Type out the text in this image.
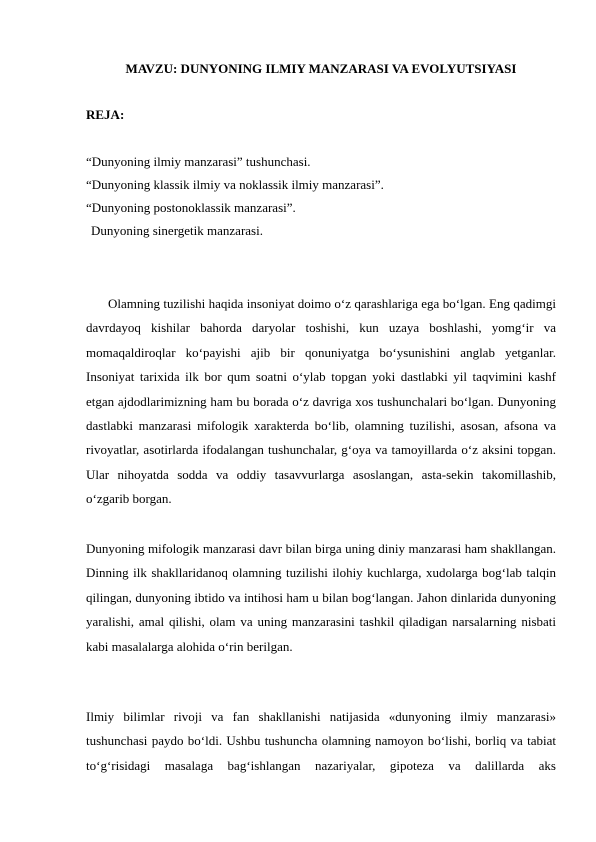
MAVZU: DUNYONING ILMIY MANZARASI VA EVOLYUTSIYASI
REJA:
“Dunyoning ilmiy manzarasi” tushunchasi.
“Dunyoning klassik ilmiy va noklassik ilmiy manzarasi”.
“Dunyoning postonoklassik manzarasi”.
Dunyoning sinergetik manzarasi.

Olamning tuzilishi haqida insoniyat doimo o‘z qarashlariga ega bo‘lgan. Eng qadimgi davrdayoq kishilar bahorda daryolar toshishi, kun uzaya boshlashi, yomg‘ir va momaqaldiroqlar ko‘payishi ajib bir qonuniyatga bo‘ysunishini anglab yetganlar. Insoniyat tarixida ilk bor qum soatni o‘ylab topgan yoki dastlabki yil taqvimini kashf etgan ajdodlarimizning ham bu borada o‘z davriga xos tushunchalari bo‘lgan. Dunyoning dastlabki manzarasi mifologik xarakterda bo‘lib, olamning tuzilishi, asosan, afsona va rivoyatlar, asotirlarda ifodalangan tushunchalar, g‘oya va tamoyillarda o‘z aksini topgan. Ular nihoyatda sodda va oddiy tasavvurlarga asoslangan, asta-sekin takomillashib, o‘zgarib borgan.

Dunyoning mifologik manzarasi davr bilan birga uning diniy manzarasi ham shakllangan. Dinning ilk shakllaridanoq olamning tuzilishi ilohiy kuchlarga, xudolarga bog‘lab talqin qilingan, dunyoning ibtido va intihosi ham u bilan bog‘langan. Jahon dinlarida dunyoning yaralishi, amal qilishi, olam va uning manzarasini tashkil qiladigan narsalarning nisbati kabi masalalarga alohida o‘rin berilgan.

Ilmiy bilimlar rivoji va fan shakllanishi natijasida «dunyoning ilmiy manzarasi» tushunchasi paydo bo‘ldi. Ushbu tushuncha olamning namoyon bo‘lishi, borliq va tabiat to‘g‘risidagi masalaga bag‘ishlangan nazariyalar, gipoteza va dalillarda aks
